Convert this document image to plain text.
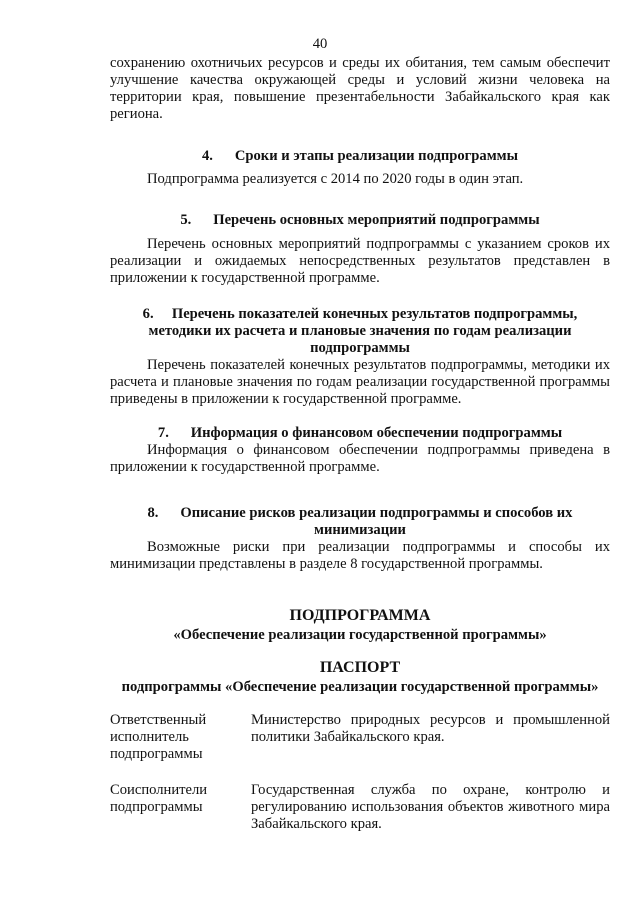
40

сохранению охотничьих ресурсов и среды их обитания, тем самым обеспечит улучшение качества окружающей среды и условий жизни человека на территории края, повышение презентабельности Забайкальского края как региона.

4. Сроки и этапы реализации подпрограммы

Подпрограмма реализуется с 2014 по 2020 годы в один этап.

5. Перечень основных мероприятий подпрограммы

Перечень основных мероприятий подпрограммы с указанием сроков их реализации и ожидаемых непосредственных результатов представлен в приложении к государственной программе.

6. Перечень показателей конечных результатов подпрограммы,
методики их расчета и плановые значения по годам реализации
подпрограммы

Перечень показателей конечных результатов подпрограммы, методики их расчета и плановые значения по годам реализации государственной программы приведены в приложении к государственной программе.

7. Информация о финансовом обеспечении подпрограммы

Информация о финансовом обеспечении подпрограммы приведена в приложении к государственной программе.

8. Описание рисков реализации подпрограммы и способов их
минимизации

Возможные риски при реализации подпрограммы и способы их минимизации представлены в разделе 8 государственной программы.

ПОДПРОГРАММА
«Обеспечение реализации государственной программы»
ПАСПОРТ
подпрограммы «Обеспечение реализации государственной программы»
Ответственный исполнитель подпрограммы
Министерство природных ресурсов и промышленной политики Забайкальского края.
Соисполнители подпрограммы
Государственная служба по охране, контролю и регулированию использования объектов животного мира Забайкальского края.
